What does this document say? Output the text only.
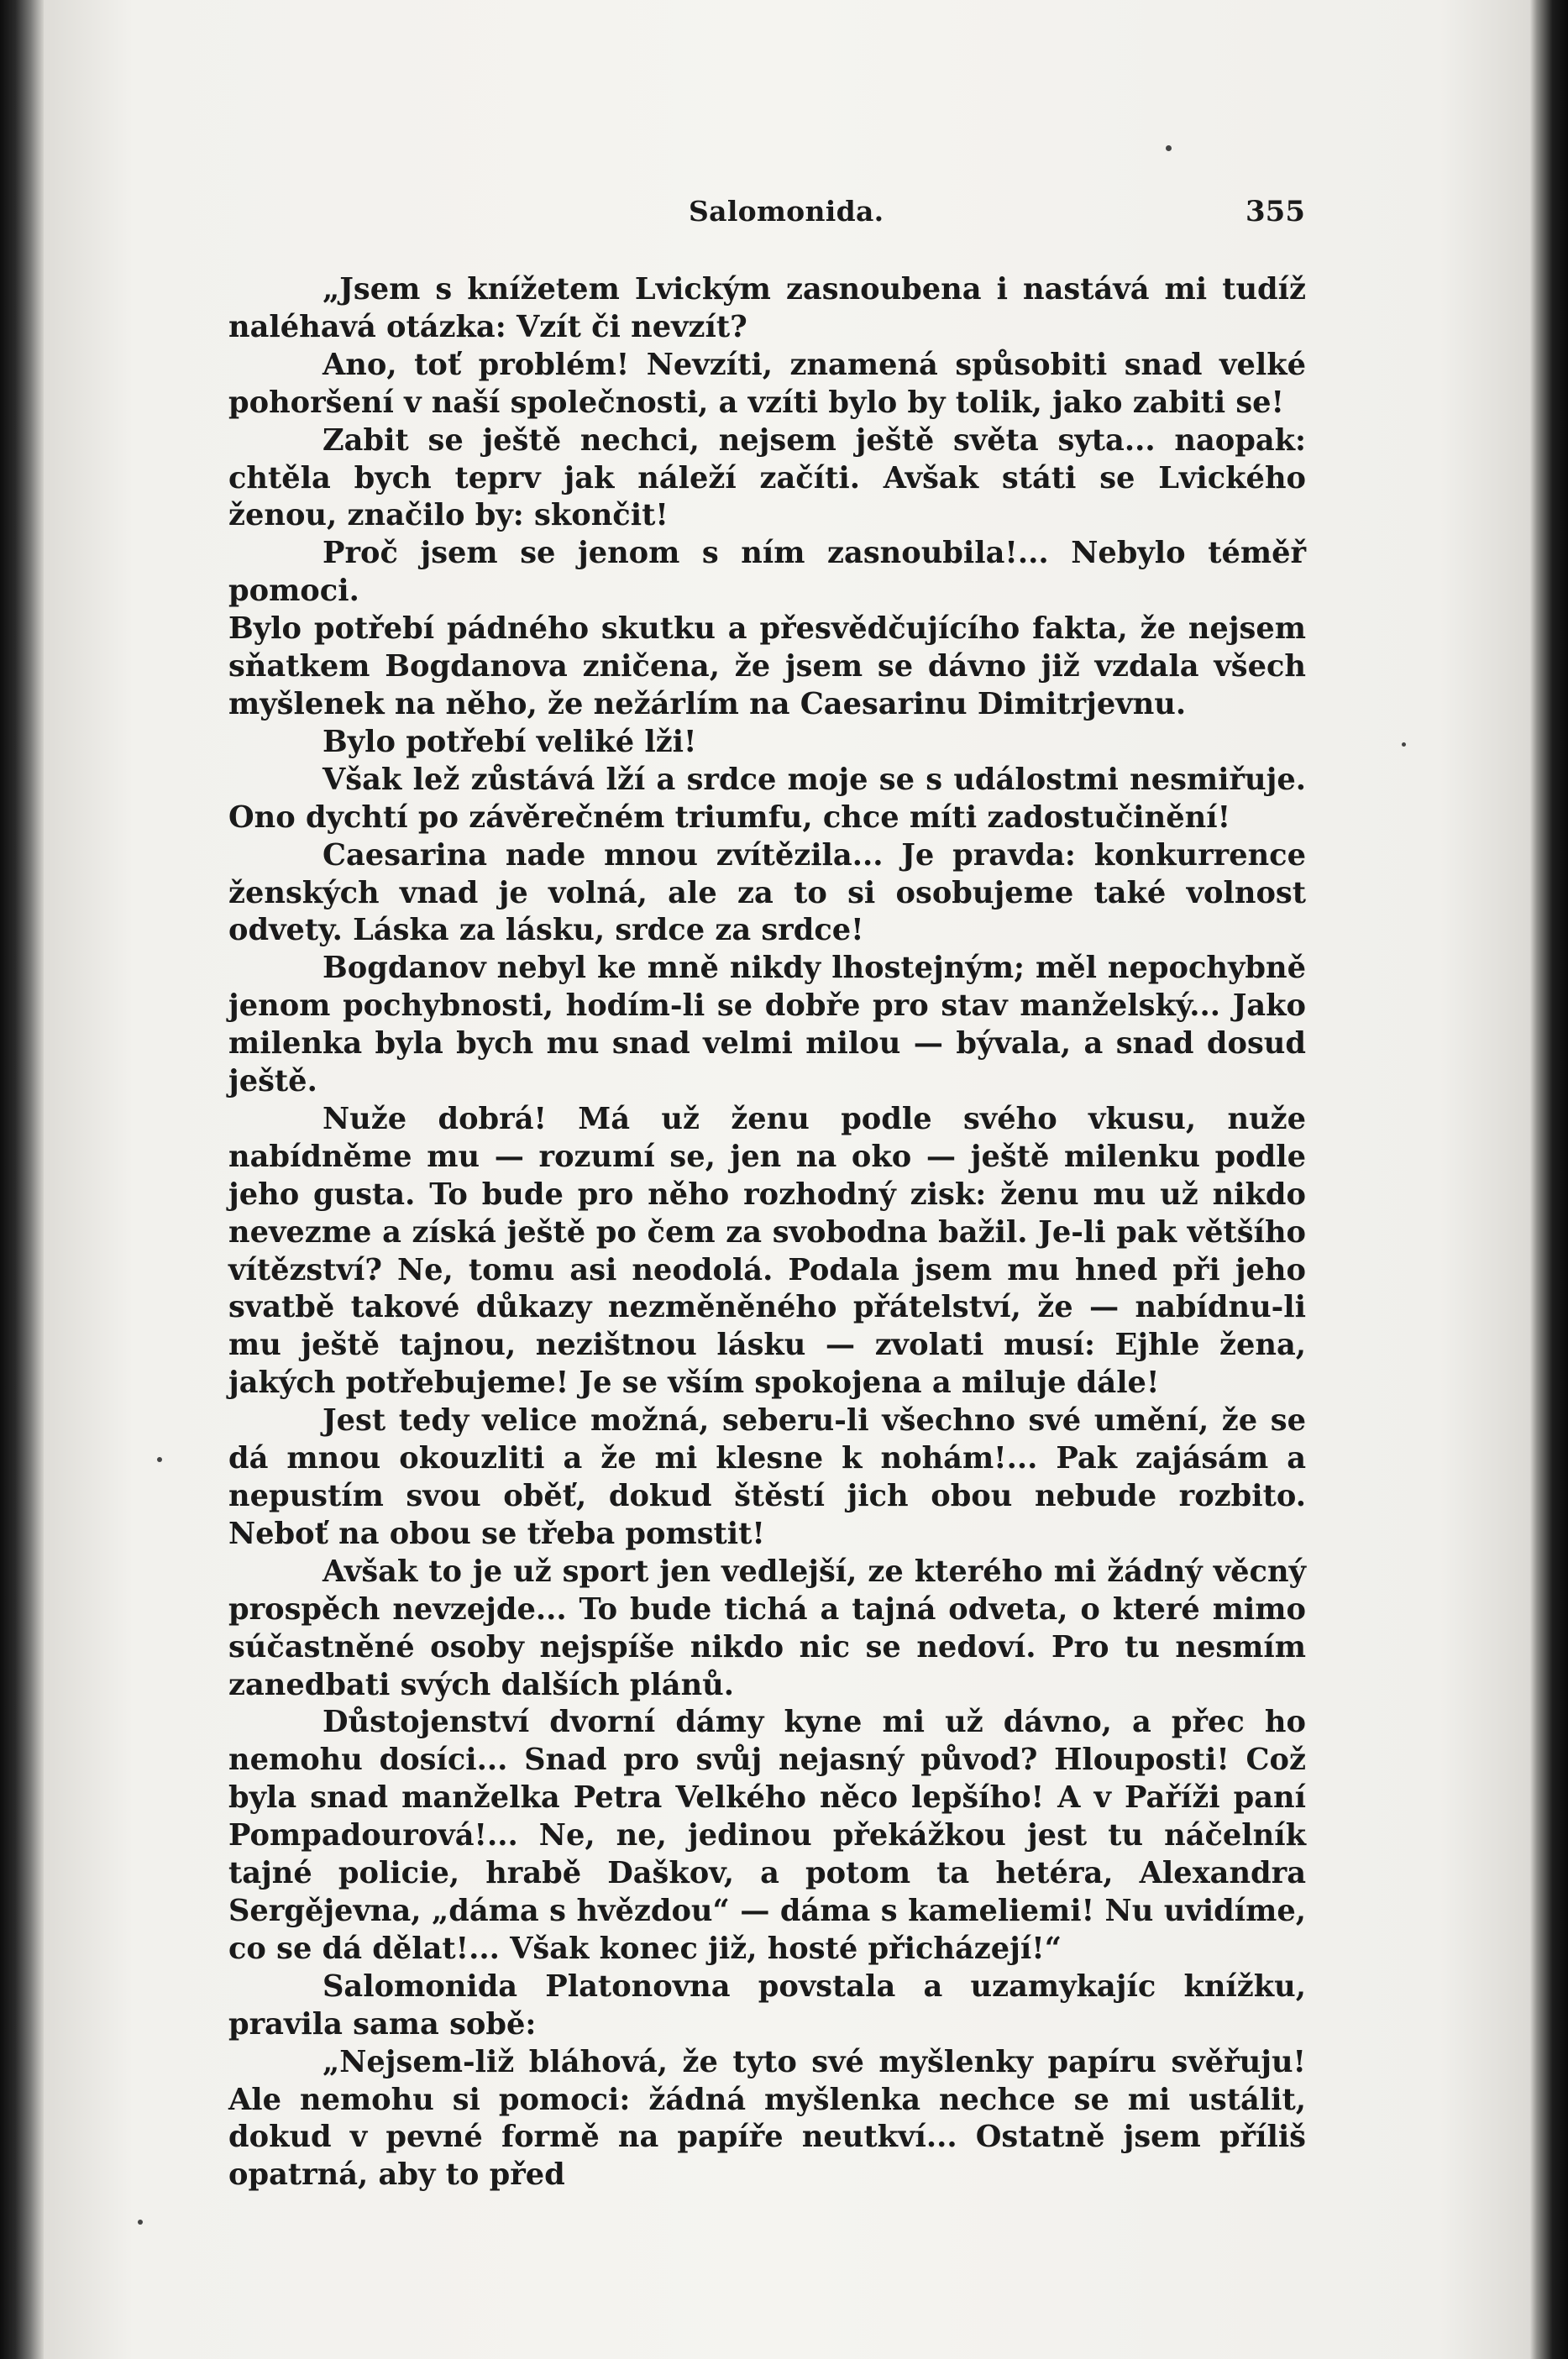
Salomonida.	355

„Jsem s knížetem Lvickým zasnoubena i nastává mi tudíž naléhavá otázka: Vzít či nevzít?

Ano, toť problém! Nevzíti, znamená spůsobiti snad velké pohoršení v naší společnosti, a vzíti bylo by tolik, jako zabiti se!

Zabit se ještě nechci, nejsem ještě světa syta... naopak: chtěla bych teprv jak náleží začíti. Avšak státi se Lvického ženou, značilo by: skončit!

Proč jsem se jenom s ním zasnoubila!... Nebylo téměř pomoci.

Bylo potřebí pádného skutku a přesvědčujícího fakta, že nejsem sňatkem Bogdanova zničena, že jsem se dávno již vzdala všech myšlenek na něho, že nežárlím na Caesarinu Dimitrjevnu.

Bylo potřebí veliké lži!

Však lež zůstává lží a srdce moje se s událostmi nesmiřuje. Ono dychtí po závěrečném triumfu, chce míti zadostučinění!

Caesarina nade mnou zvítězila... Je pravda: konkurrence ženských vnad je volná, ale za to si osobujeme také volnost odvety. Láska za lásku, srdce za srdce!

Bogdanov nebyl ke mně nikdy lhostejným; měl nepochybně jenom pochybnosti, hodím-li se dobře pro stav manželský... Jako milenka byla bych mu snad velmi milou — bývala, a snad dosud ještě.

Nuže dobrá! Má už ženu podle svého vkusu, nuže nabídněme mu — rozumí se, jen na oko — ještě milenku podle jeho gusta. To bude pro něho rozhodný zisk: ženu mu už nikdo nevezme a získá ještě po čem za svobodna bažil. Je-li pak většího vítězství? Ne, tomu asi neodolá. Podala jsem mu hned při jeho svatbě takové důkazy nezměněného přátelství, že — nabídnu-li mu ještě tajnou, nezištnou lásku — zvolati musí: Ejhle žena, jakých potřebujeme! Je se vším spokojena a miluje dále!

Jest tedy velice možná, seberu-li všechno své umění, že se dá mnou okouzliti a že mi klesne k nohám!... Pak zajásám a nepustím svou oběť, dokud štěstí jich obou nebude rozbito. Neboť na obou se třeba pomstit!

Avšak to je už sport jen vedlejší, ze kterého mi žádný věcný prospěch nevzejde... To bude tichá a tajná odveta, o které mimo súčastněné osoby nejspíše nikdo nic se nedoví. Pro tu nesmím zanedbati svých dalších plánů.

Důstojenství dvorní dámy kyne mi už dávno, a přec ho nemohu dosíci... Snad pro svůj nejasný původ? Hlouposti! Což byla snad manželka Petra Velkého něco lepšího! A v Paříži paní Pompadourová!... Ne, ne, jedinou překážkou jest tu náčelník tajné policie, hrabě Daškov, a potom ta hetéra, Alexandra Sergějevna, „dáma s hvězdou“ — dáma s kameliemi! Nu uvidíme, co se dá dělat!... Však konec již, hosté přicházejí!“

Salomonida Platonovna povstala a uzamykajíc knížku, pravila sama sobě:

„Nejsem-liž bláhová, že tyto své myšlenky papíru svěřuju! Ale nemohu si pomoci: žádná myšlenka nechce se mi ustálit, dokud v pevné formě na papíře neutkví... Ostatně jsem příliš opatrná, aby to před
